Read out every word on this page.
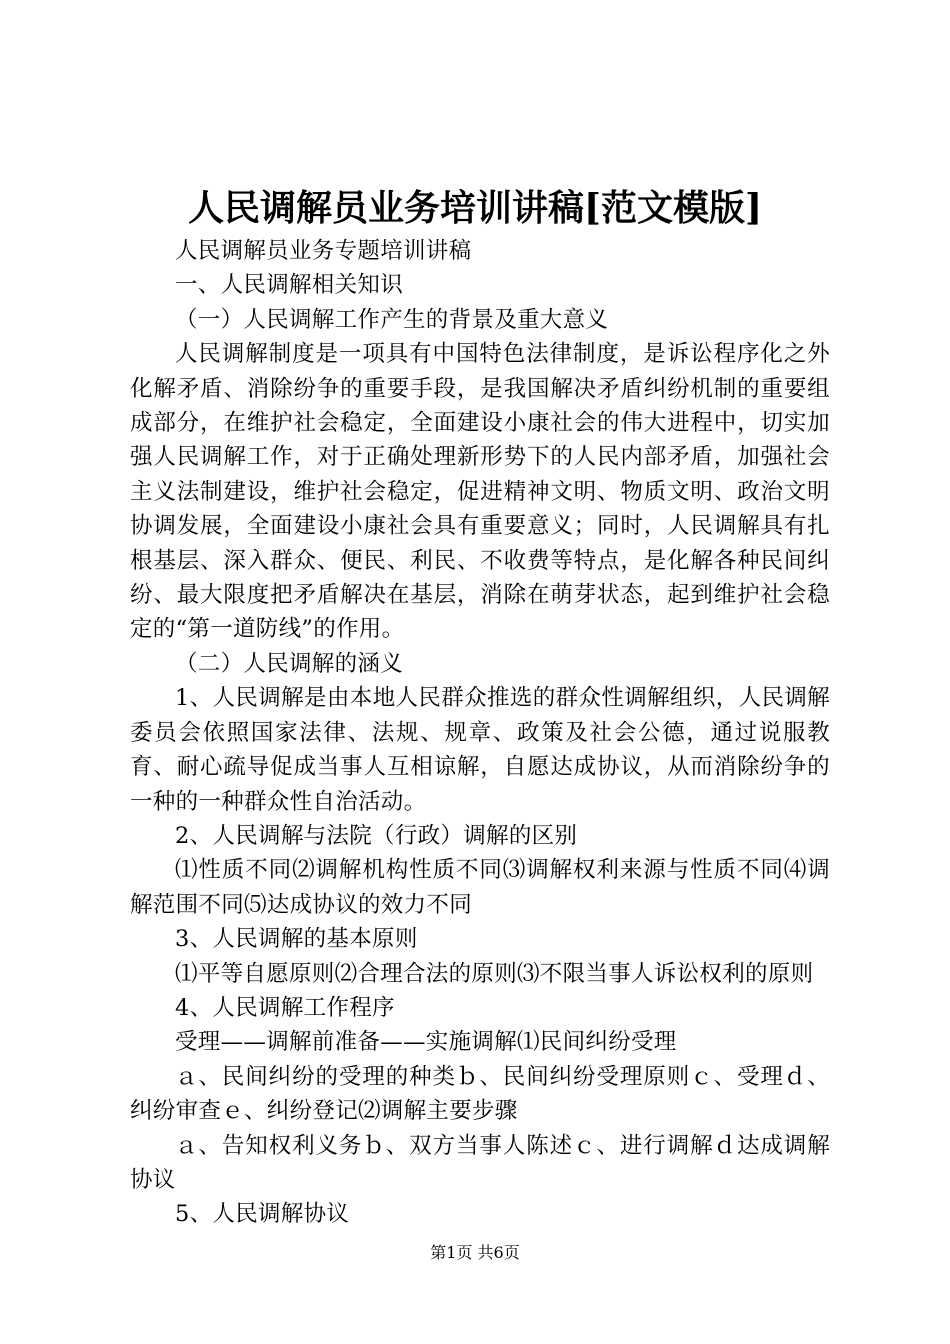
人民调解员业务培训讲稿[范文模版]

人民调解员业务专题培训讲稿

一、人民调解相关知识

（一）人民调解工作产生的背景及重大意义

人民调解制度是一项具有中国特色法律制度，是诉讼程序化之外化解矛盾、消除纷争的重要手段，是我国解决矛盾纠纷机制的重要组成部分，在维护社会稳定，全面建设小康社会的伟大进程中，切实加强人民调解工作，对于正确处理新形势下的人民内部矛盾，加强社会主义法制建设，维护社会稳定，促进精神文明、物质文明、政治文明协调发展，全面建设小康社会具有重要意义；同时，人民调解具有扎根基层、深入群众、便民、利民、不收费等特点，是化解各种民间纠纷、最大限度把矛盾解决在基层，消除在萌芽状态，起到维护社会稳定的“第一道防线”的作用。

（二）人民调解的涵义

1、人民调解是由本地人民群众推选的群众性调解组织，人民调解委员会依照国家法律、法规、规章、政策及社会公德，通过说服教育、耐心疏导促成当事人互相谅解，自愿达成协议，从而消除纷争的一种的一种群众性自治活动。

2、人民调解与法院（行政）调解的区别

⑴性质不同⑵调解机构性质不同⑶调解权利来源与性质不同⑷调解范围不同⑸达成协议的效力不同

3、人民调解的基本原则

⑴平等自愿原则⑵合理合法的原则⑶不限当事人诉讼权利的原则

4、人民调解工作程序

受理——调解前准备——实施调解⑴民间纠纷受理

ａ、民间纠纷的受理的种类ｂ、民间纠纷受理原则ｃ、受理ｄ、纠纷审查ｅ、纠纷登记⑵调解主要步骤

ａ、告知权利义务ｂ、双方当事人陈述ｃ、进行调解ｄ达成调解协议

5、人民调解协议

第1页 共6页
